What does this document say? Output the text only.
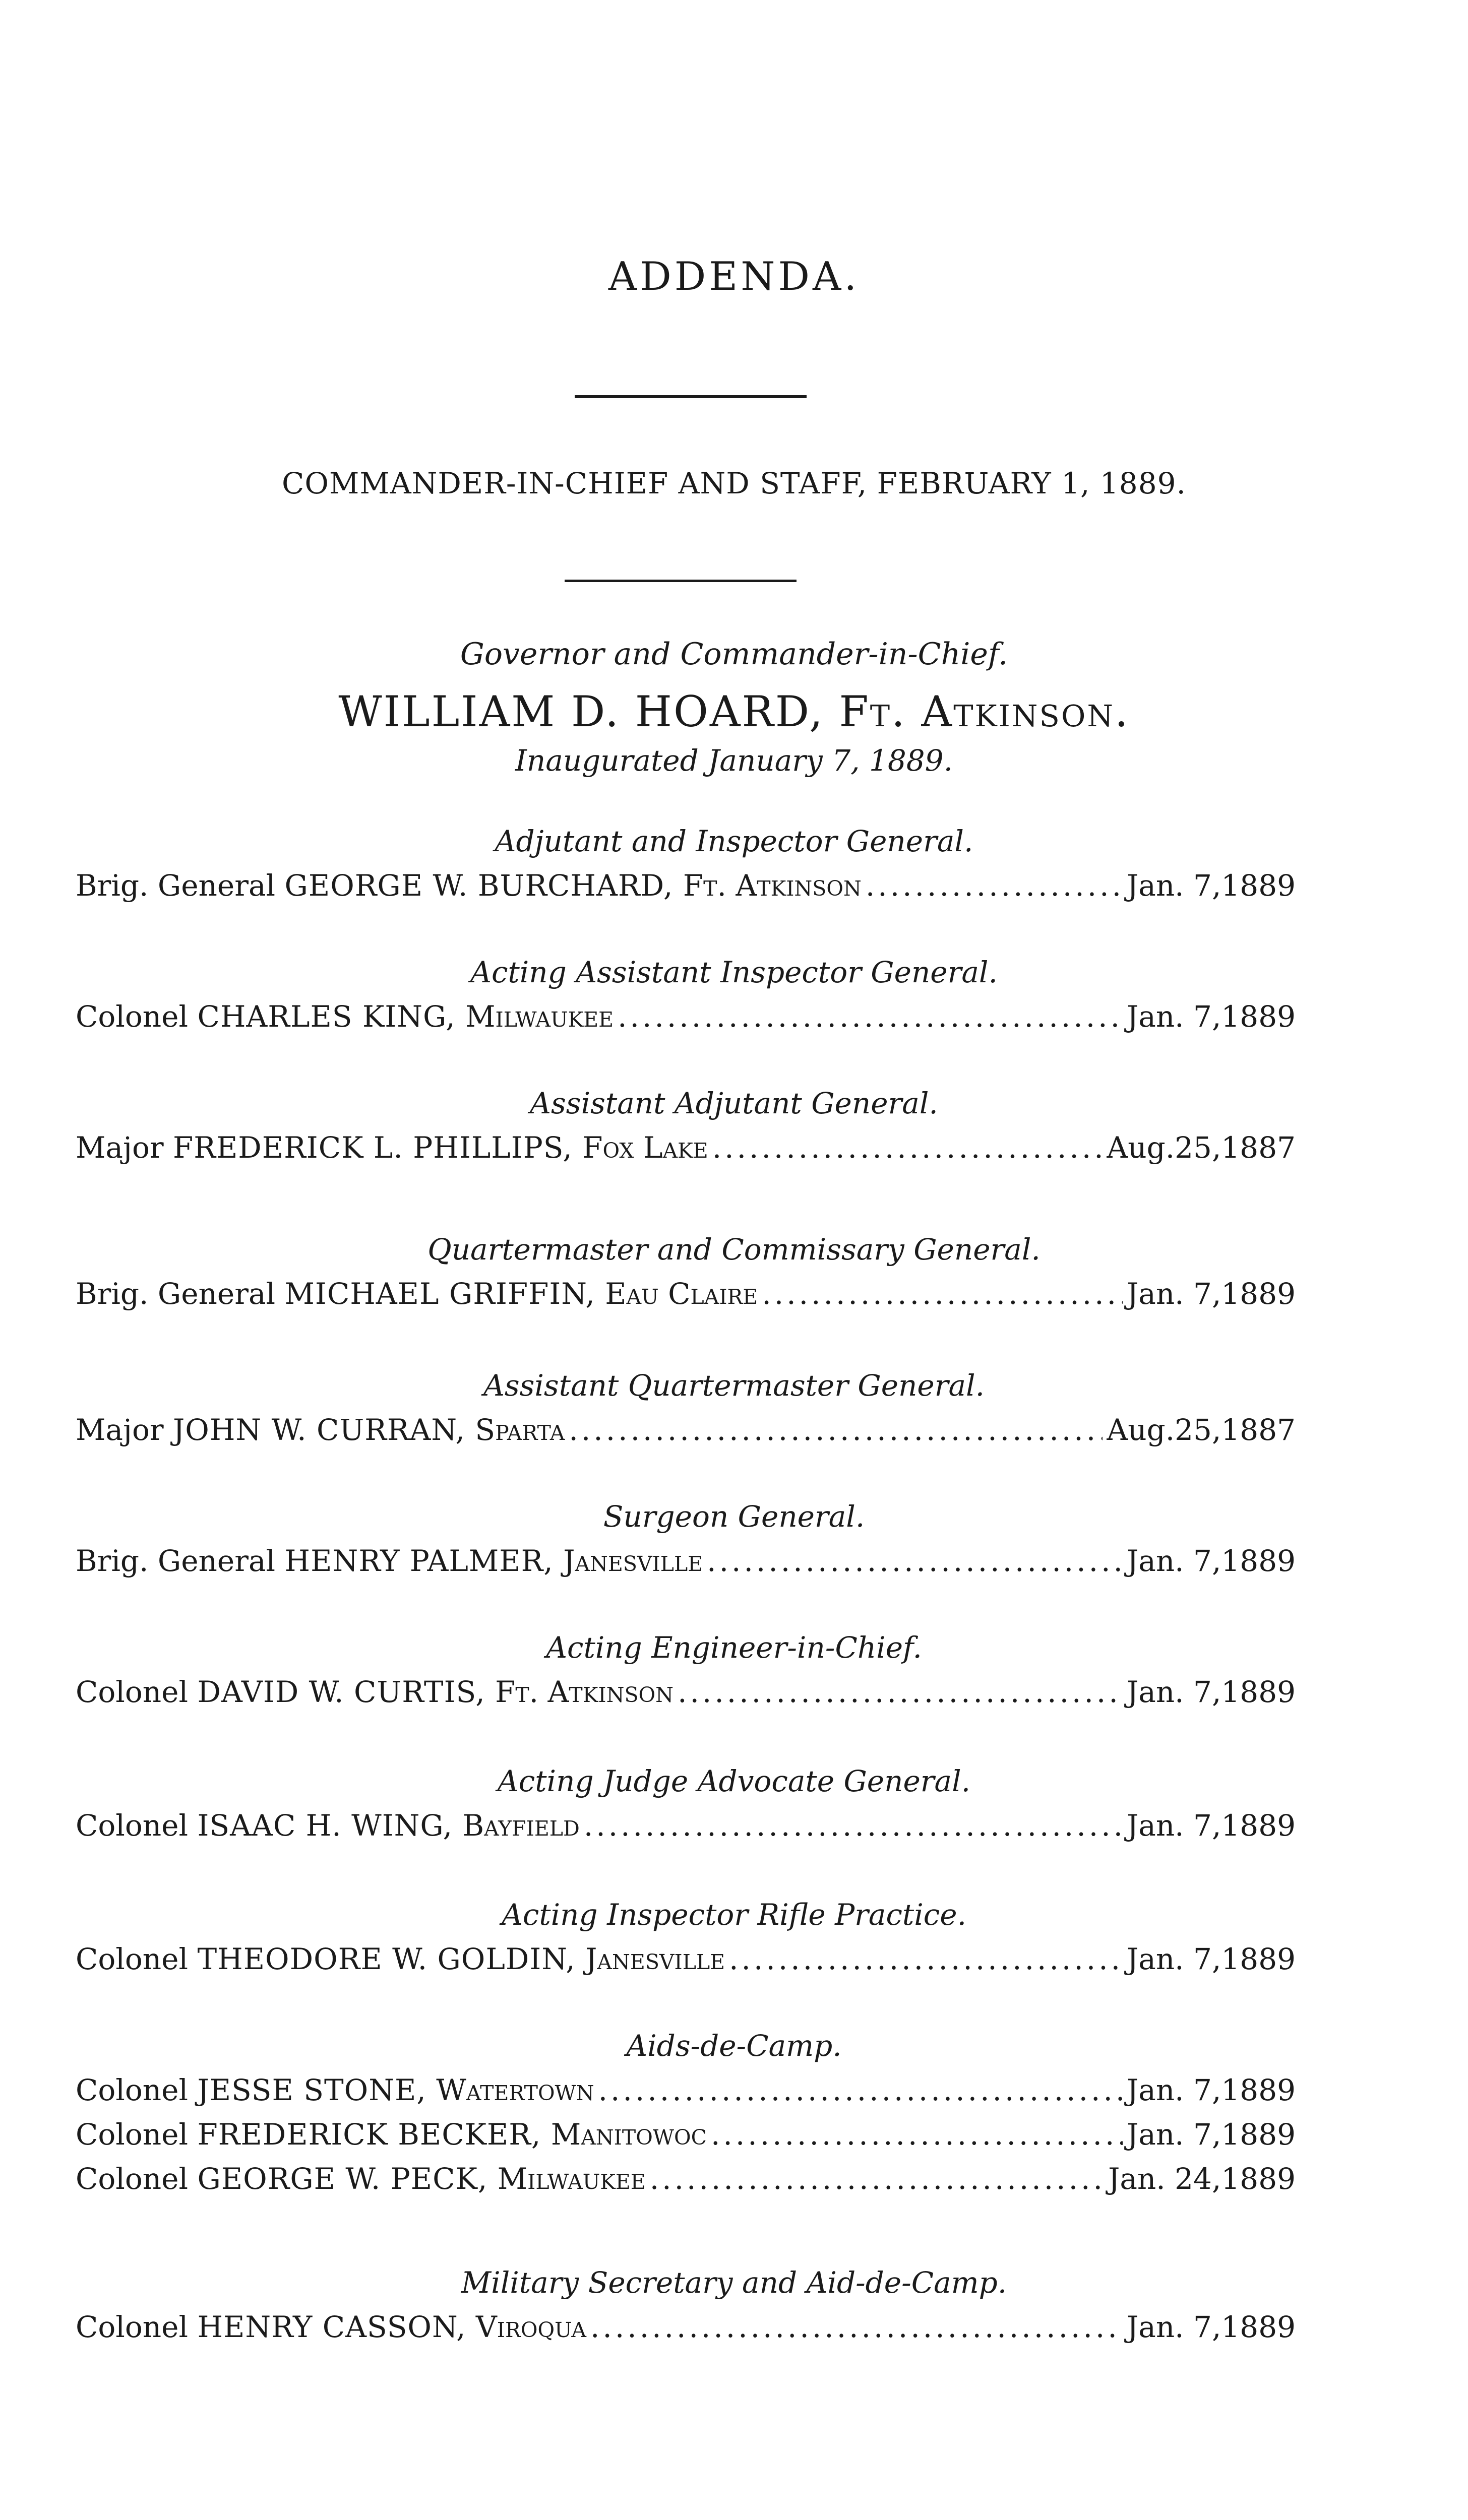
ADDENDA.
COMMANDER-IN-CHIEF AND STAFF, FEBRUARY 1, 1889.
Governor and Commander-in-Chief.
WILLIAM D. HOARD, Ft. Atkinson.
Inaugurated January 7, 1889.
Adjutant and Inspector General.
Brig. General GEORGE W. BURCHARD, Ft. Atkinson .....	Jan. 7, 1889
Acting Assistant Inspector General.
Colonel CHARLES KING, Milwaukee .....	Jan. 7, 1889
Assistant Adjutant General.
Major FREDERICK L. PHILLIPS, Fox Lake .....	Aug.25, 1887
Quartermaster and Commissary General.
Brig. General MICHAEL GRIFFIN, Eau Claire .....	Jan. 7, 1889
Assistant Quartermaster General.
Major JOHN W. CURRAN, Sparta .....	Aug.25, 1887
Surgeon General.
Brig. General HENRY PALMER, Janesville .....	Jan. 7, 1889
Acting Engineer-in-Chief.
Colonel DAVID W. CURTIS, Ft. Atkinson .....	Jan. 7, 1889
Acting Judge Advocate General.
Colonel ISAAC H. WING, Bayfield .....	Jan. 7, 1889
Acting Inspector Rifle Practice.
Colonel THEODORE W. GOLDIN, Janesville .....	Jan. 7, 1889
Aids-de-Camp.
Colonel JESSE STONE, Watertown .....	Jan. 7, 1889
Colonel FREDERICK BECKER, Manitowoc .....	Jan. 7, 1889
Colonel GEORGE W. PECK, Milwaukee .....	Jan. 24, 1889
Military Secretary and Aid-de-Camp.
Colonel HENRY CASSON, Viroqua .....	Jan. 7, 1889
